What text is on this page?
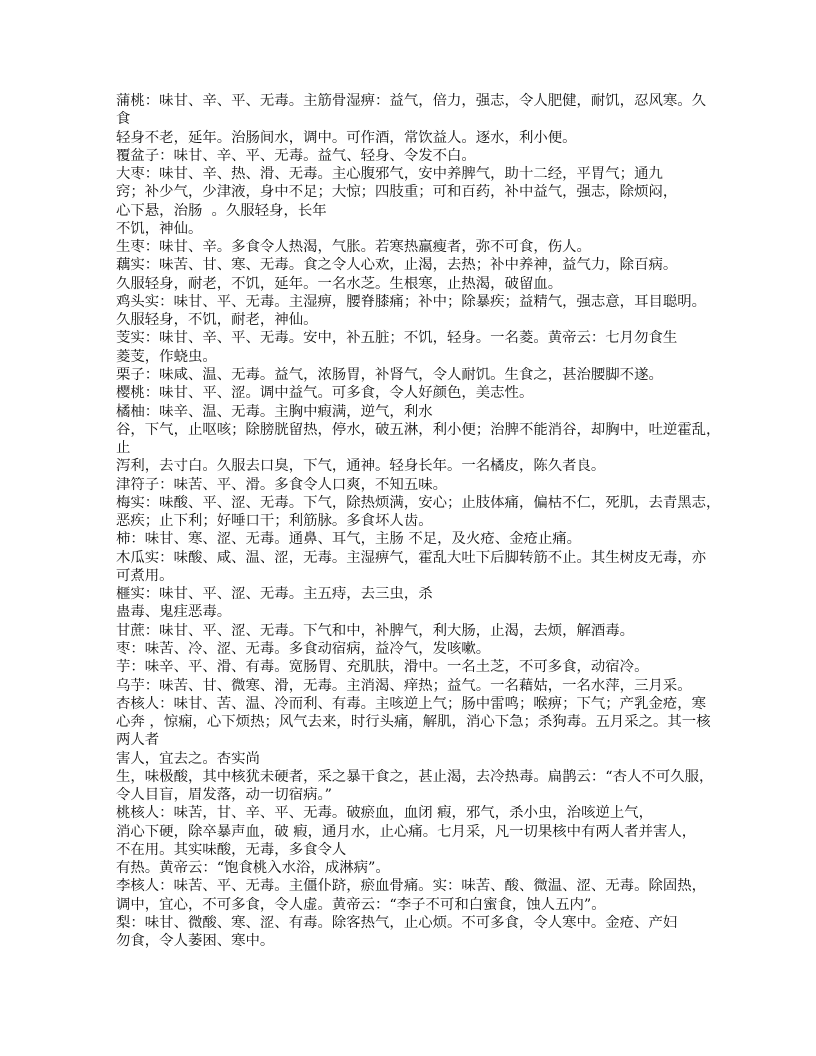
蒲桃：味甘、辛、平、无毒。主筋骨湿痹：益气，倍力，强志，令人肥健，耐饥，忍风寒。久
食
轻身不老，延年。治肠间水，调中。可作酒，常饮益人。逐水，利小便。
覆盆子：味甘、辛、平、无毒。益气、轻身、令发不白。
大枣：味甘、辛、热、滑、无毒。主心腹邪气，安中养脾气，助十二经，平胃气；通九
窍；补少气，少津液，身中不足；大惊；四肢重；可和百药，补中益气，强志，除烦闷，
心下悬，治肠  。久服轻身，长年
不饥，神仙。
生枣：味甘、辛。多食令人热渴，气胀。若寒热羸瘦者，弥不可食，伤人。
藕实：味苦、甘、寒、无毒。食之令人心欢，止渴，去热；补中养神，益气力，除百病。
久服轻身，耐老，不饥，延年。一名水芝。生根寒，止热渴，破留血。
鸡头实：味甘、平、无毒。主湿痹，腰脊膝痛；补中；除暴疾；益精气，强志意，耳目聪明。
久服轻身，不饥，耐老，神仙。
芰实：味甘、辛、平、无毒。安中，补五脏；不饥，轻身。一名菱。黄帝云：七月勿食生
菱芰，作蛲虫。
栗子：味咸、温、无毒。益气，浓肠胃，补肾气，令人耐饥。生食之，甚治腰脚不遂。
樱桃：味甘、平、涩。调中益气。可多食，令人好颜色，美志性。
橘柚：味辛、温、无毒。主胸中瘕满，逆气，利水
谷，下气，止呕咳；除膀胱留热，停水，破五淋，利小便；治脾不能消谷，却胸中，吐逆霍乱，
止
泻利，去寸白。久服去口臭，下气，通神。轻身长年。一名橘皮，陈久者良。
津符子：味苦、平、滑。多食令人口爽，不知五味。
梅实：味酸、平、涩、无毒。下气，除热烦满，安心；止肢体痛，偏枯不仁，死肌，去青黑志，
恶疾；止下利；好唾口干；利筋脉。多食坏人齿。
柿：味甘、寒、涩、无毒。通鼻、耳气，主肠 不足，及火疮、金疮止痛。
木瓜实：味酸、咸、温、涩，无毒。主湿痹气，霍乱大吐下后脚转筋不止。其生树皮无毒，亦
可煮用。
榧实：味甘、平、涩、无毒。主五痔，去三虫，杀
蛊毒、鬼疰恶毒。
甘蔗：味甘、平、涩、无毒。下气和中，补脾气，利大肠，止渴，去烦，解酒毒。
枣：味苦、冷、涩、无毒。多食动宿病，益冷气，发咳嗽。
芋：味辛、平、滑、有毒。宽肠胃、充肌肤，滑中。一名土芝，不可多食，动宿冷。
乌芋：味苦、甘、微寒、滑，无毒。主消渴、痒热；益气。一名藉姑，一名水萍，三月采。
杏核人：味甘、苦、温、冷而利、有毒。主咳逆上气；肠中雷鸣；喉痹；下气；产乳金疮，寒
心奔 ，惊痫，心下烦热；风气去来，时行头痛，解肌，消心下急；杀狗毒。五月采之。其一核
两人者
害人，宜去之。杏实尚
生，味极酸，其中核犹未硬者，采之暴干食之，甚止渴，去冷热毒。扁鹊云：“杏人不可久服，
令人目盲，眉发落，动一切宿病。”
桃核人：味苦，甘、辛、平、无毒。破瘀血，血闭 瘕，邪气，杀小虫，治咳逆上气，
消心下硬，除卒暴声血，破 瘕，通月水，止心痛。七月采，凡一切果核中有两人者并害人，
不在用。其实味酸，无毒，多食令人
有热。黄帝云：“饱食桃入水浴，成淋病”。
李核人：味苦、平、无毒。主僵仆跻，瘀血骨痛。实：味苦、酸、微温、涩、无毒。除固热，
调中，宜心，不可多食，令人虚。黄帝云：“李子不可和白蜜食，蚀人五内”。
梨：味甘、微酸、寒、涩、有毒。除客热气，止心烦。不可多食，令人寒中。金疮、产妇
勿食，令人萎困、寒中。
